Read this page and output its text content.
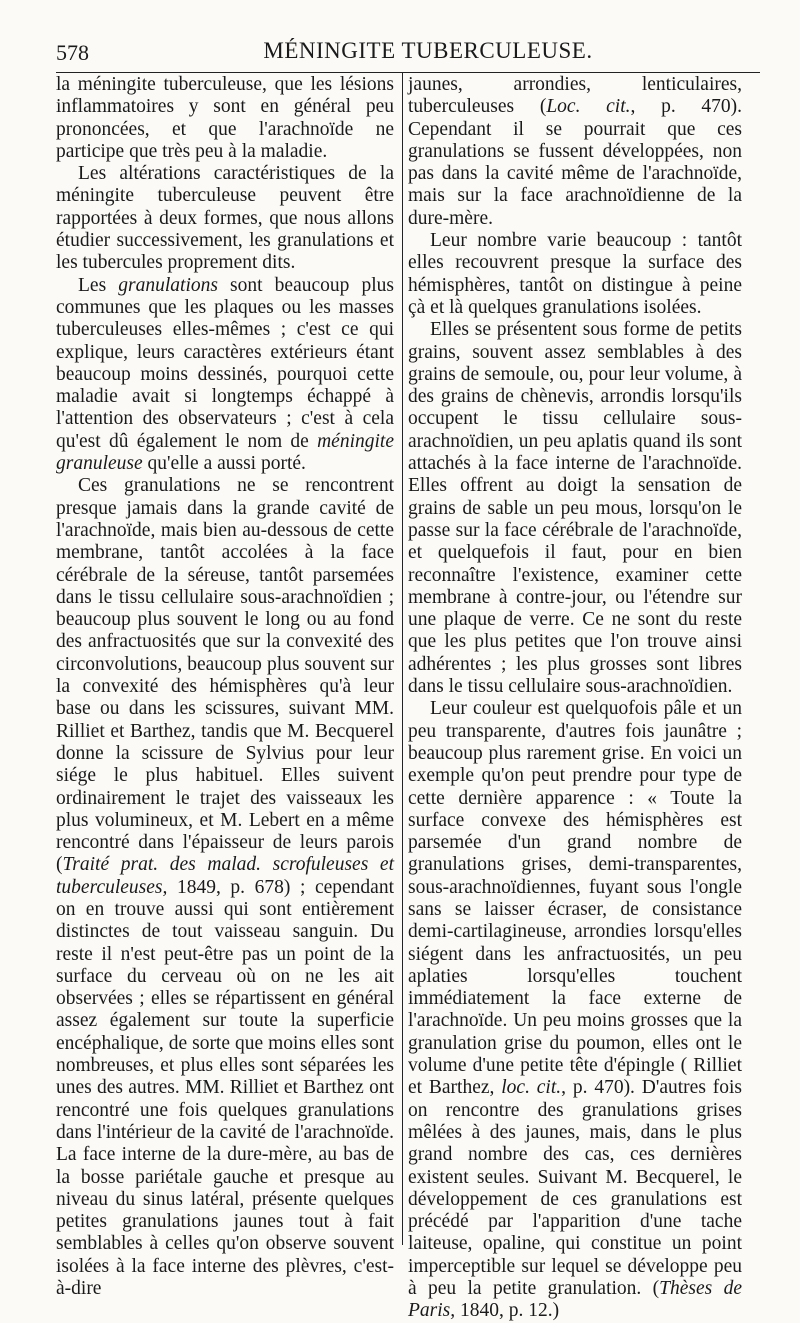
578	MÉNINGITE TUBERCULEUSE.

la méningite tuberculeuse, que les lésions inflammatoires y sont en général peu prononcées, et que l'arachnoïde ne participe que très peu à la maladie.

Les altérations caractéristiques de la méningite tuberculeuse peuvent être rapportées à deux formes, que nous allons étudier successivement, les granulations et les tubercules proprement dits.

Les granulations sont beaucoup plus communes que les plaques ou les masses tuberculeuses elles-mêmes ; c'est ce qui explique, leurs caractères extérieurs étant beaucoup moins dessinés, pourquoi cette maladie avait si longtemps échappé à l'attention des observateurs ; c'est à cela qu'est dû également le nom de méningite granuleuse qu'elle a aussi porté.

Ces granulations ne se rencontrent presque jamais dans la grande cavité de l'arachnoïde, mais bien au-dessous de cette membrane, tantôt accolées à la face cérébrale de la séreuse, tantôt parsemées dans le tissu cellulaire sous-arachnoïdien ; beaucoup plus souvent le long ou au fond des anfractuosités que sur la convexité des circonvolutions, beaucoup plus souvent sur la convexité des hémisphères qu'à leur base ou dans les scissures, suivant MM. Rilliet et Barthez, tandis que M. Becquerel donne la scissure de Sylvius pour leur siége le plus habituel. Elles suivent ordinairement le trajet des vaisseaux les plus volumineux, et M. Lebert en a même rencontré dans l'épaisseur de leurs parois (Traité prat. des malad. scrofuleuses et tuberculeuses, 1849, p. 678) ; cependant on en trouve aussi qui sont entièrement distinctes de tout vaisseau sanguin. Du reste il n'est peut-être pas un point de la surface du cerveau où on ne les ait observées ; elles se répartissent en général assez également sur toute la superficie encéphalique, de sorte que moins elles sont nombreuses, et plus elles sont séparées les unes des autres. MM. Rilliet et Barthez ont rencontré une fois quelques granulations dans l'intérieur de la cavité de l'arachnoïde. La face interne de la dure-mère, au bas de la bosse pariétale gauche et presque au niveau du sinus latéral, présente quelques petites granulations jaunes tout à fait semblables à celles qu'on observe souvent isolées à la face interne des plèvres, c'est-à-dire

jaunes, arrondies, lenticulaires, tuberculeuses (Loc. cit., p. 470). Cependant il se pourrait que ces granulations se fussent développées, non pas dans la cavité même de l'arachnoïde, mais sur la face arachnoïdienne de la dure-mère.

Leur nombre varie beaucoup : tantôt elles recouvrent presque la surface des hémisphères, tantôt on distingue à peine çà et là quelques granulations isolées.

Elles se présentent sous forme de petits grains, souvent assez semblables à des grains de semoule, ou, pour leur volume, à des grains de chènevis, arrondis lorsqu'ils occupent le tissu cellulaire sous-arachnoïdien, un peu aplatis quand ils sont attachés à la face interne de l'arachnoïde. Elles offrent au doigt la sensation de grains de sable un peu mous, lorsqu'on le passe sur la face cérébrale de l'arachnoïde, et quelquefois il faut, pour en bien reconnaître l'existence, examiner cette membrane à contre-jour, ou l'étendre sur une plaque de verre. Ce ne sont du reste que les plus petites que l'on trouve ainsi adhérentes ; les plus grosses sont libres dans le tissu cellulaire sous-arachnoïdien.

Leur couleur est quelquofois pâle et un peu transparente, d'autres fois jaunâtre ; beaucoup plus rarement grise. En voici un exemple qu'on peut prendre pour type de cette dernière apparence : « Toute la surface convexe des hémisphères est parsemée d'un grand nombre de granulations grises, demi-transparentes, sous-arachnoïdiennes, fuyant sous l'ongle sans se laisser écraser, de consistance demi-cartilagineuse, arrondies lorsqu'elles siégent dans les anfractuosités, un peu aplaties lorsqu'elles touchent immédiatement la face externe de l'arachnoïde. Un peu moins grosses que la granulation grise du poumon, elles ont le volume d'une petite tête d'épingle ( Rilliet et Barthez, loc. cit., p. 470). D'autres fois on rencontre des granulations grises mêlées à des jaunes, mais, dans le plus grand nombre des cas, ces dernières existent seules. Suivant M. Becquerel, le développement de ces granulations est précédé par l'apparition d'une tache laiteuse, opaline, qui constitue un point imperceptible sur lequel se développe peu à peu la petite granulation. (Thèses de Paris, 1840, p. 12.)
